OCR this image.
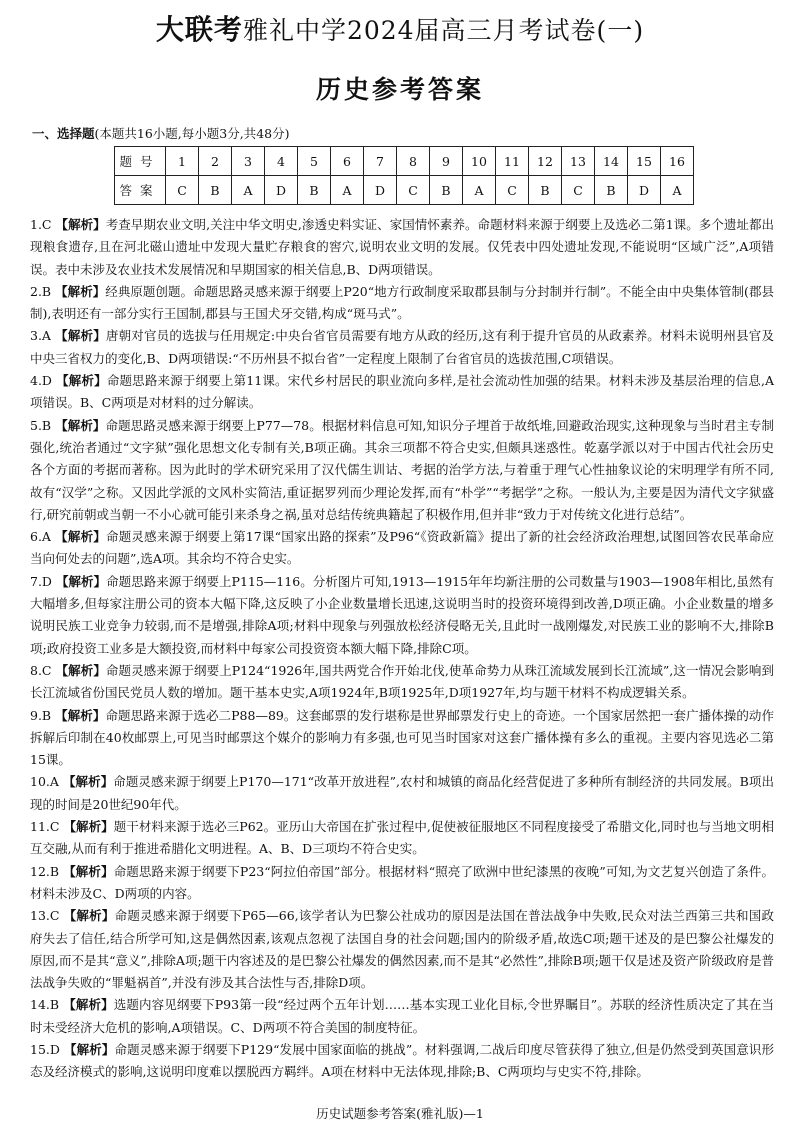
大联考雅礼中学2024届高三月考试卷(一)
历史参考答案
一、选择题(本题共16小题,每小题3分,共48分)
题号	1	2	3	4	5	6	7	8	9	10	11	12	13	14	15	16
答案	C	B	A	D	B	A	D	C	B	A	C	B	C	B	D	A

1.C 【解析】考查早期农业文明,关注中华文明史,渗透史料实证、家国情怀素养。命题材料来源于纲要上及选必二第1课。多个遗址都出现粮食遗存,且在河北磁山遗址中发现大量贮存粮食的窖穴,说明农业文明的发展。仅凭表中四处遗址发现,不能说明“区域广泛”,A项错误。表中未涉及农业技术发展情况和早期国家的相关信息,B、D两项错误。

2.B 【解析】经典原题创题。命题思路灵感来源于纲要上P20“地方行政制度采取郡县制与分封制并行制”。不能全由中央集体管制(郡县制),表明还有一部分实行王国制,郡县与王国犬牙交错,构成“斑马式”。

3.A 【解析】唐朝对官员的选拔与任用规定:中央台省官员需要有地方从政的经历,这有利于提升官员的从政素养。材料未说明州县官及中央三省权力的变化,B、D两项错误:“不历州县不拟台省”一定程度上限制了台省官员的选拔范围,C项错误。

4.D 【解析】命题思路来源于纲要上第11课。宋代乡村居民的职业流向多样,是社会流动性加强的结果。材料未涉及基层治理的信息,A项错误。B、C两项是对材料的过分解读。

5.B 【解析】命题思路灵感来源于纲要上P77—78。根据材料信息可知,知识分子埋首于故纸堆,回避政治现实,这种现象与当时君主专制强化,统治者通过“文字狱”强化思想文化专制有关,B项正确。其余三项都不符合史实,但颇具迷惑性。乾嘉学派以对于中国古代社会历史各个方面的考据而著称。因为此时的学术研究采用了汉代儒生训诂、考据的治学方法,与着重于理气心性抽象议论的宋明理学有所不同,故有“汉学”之称。又因此学派的文风朴实简洁,重证据罗列而少理论发挥,而有“朴学”“考据学”之称。一般认为,主要是因为清代文字狱盛行,研究前朝或当朝一不小心就可能引来杀身之祸,虽对总结传统典籍起了积极作用,但并非“致力于对传统文化进行总结”。

6.A 【解析】命题灵感来源于纲要上第17课“国家出路的探索”及P96“《资政新篇》提出了新的社会经济政治理想,试图回答农民革命应当向何处去的问题”,选A项。其余均不符合史实。

7.D 【解析】命题思路来源于纲要上P115—116。分析图片可知,1913—1915年年均新注册的公司数量与1903—1908年相比,虽然有大幅增多,但每家注册公司的资本大幅下降,这反映了小企业数量增长迅速,这说明当时的投资环境得到改善,D项正确。小企业数量的增多说明民族工业竞争力较弱,而不是增强,排除A项;材料中现象与列强放松经济侵略无关,且此时一战刚爆发,对民族工业的影响不大,排除B项;政府投资工业多是大额投资,而材料中每家公司投资资本额大幅下降,排除C项。

8.C 【解析】命题灵感来源于纲要上P124“1926年,国共两党合作开始北伐,使革命势力从珠江流域发展到长江流域”,这一情况会影响到长江流域省份国民党员人数的增加。题干基本史实,A项1924年,B项1925年,D项1927年,均与题干材料不构成逻辑关系。

9.B 【解析】命题思路来源于选必二P88—89。这套邮票的发行堪称是世界邮票发行史上的奇迹。一个国家居然把一套广播体操的动作拆解后印制在40枚邮票上,可见当时邮票这个媒介的影响力有多强,也可见当时国家对这套广播体操有多么的重视。主要内容见选必二第15课。

10.A 【解析】命题灵感来源于纲要上P170—171“改革开放进程”,农村和城镇的商品化经营促进了多种所有制经济的共同发展。B项出现的时间是20世纪90年代。

11.C 【解析】题干材料来源于选必三P62。亚历山大帝国在扩张过程中,促使被征服地区不同程度接受了希腊文化,同时也与当地文明相互交融,从而有利于推进希腊化文明进程。A、B、D三项均不符合史实。

12.B 【解析】命题思路来源于纲要下P23“阿拉伯帝国”部分。根据材料“照亮了欧洲中世纪漆黑的夜晚”可知,为文艺复兴创造了条件。材料未涉及C、D两项的内容。

13.C 【解析】命题灵感来源于纲要下P65—66,该学者认为巴黎公社成功的原因是法国在普法战争中失败,民众对法兰西第三共和国政府失去了信任,结合所学可知,这是偶然因素,该观点忽视了法国自身的社会问题;国内的阶级矛盾,故选C项;题干述及的是巴黎公社爆发的原因,而不是其“意义”,排除A项;题干内容述及的是巴黎公社爆发的偶然因素,而不是其“必然性”,排除B项;题干仅是述及资产阶级政府是普法战争失败的“罪魁祸首”,并没有涉及其合法性与否,排除D项。

14.B 【解析】选题内容见纲要下P93第一段“经过两个五年计划……基本实现工业化目标,令世界瞩目”。苏联的经济性质决定了其在当时未受经济大危机的影响,A项错误。C、D两项不符合美国的制度特征。

15.D 【解析】命题灵感来源于纲要下P129“发展中国家面临的挑战”。材料强调,二战后印度尽管获得了独立,但是仍然受到英国意识形态及经济模式的影响,这说明印度难以摆脱西方羁绊。A项在材料中无法体现,排除;B、C两项均与史实不符,排除。

历史试题参考答案(雅礼版)—1
